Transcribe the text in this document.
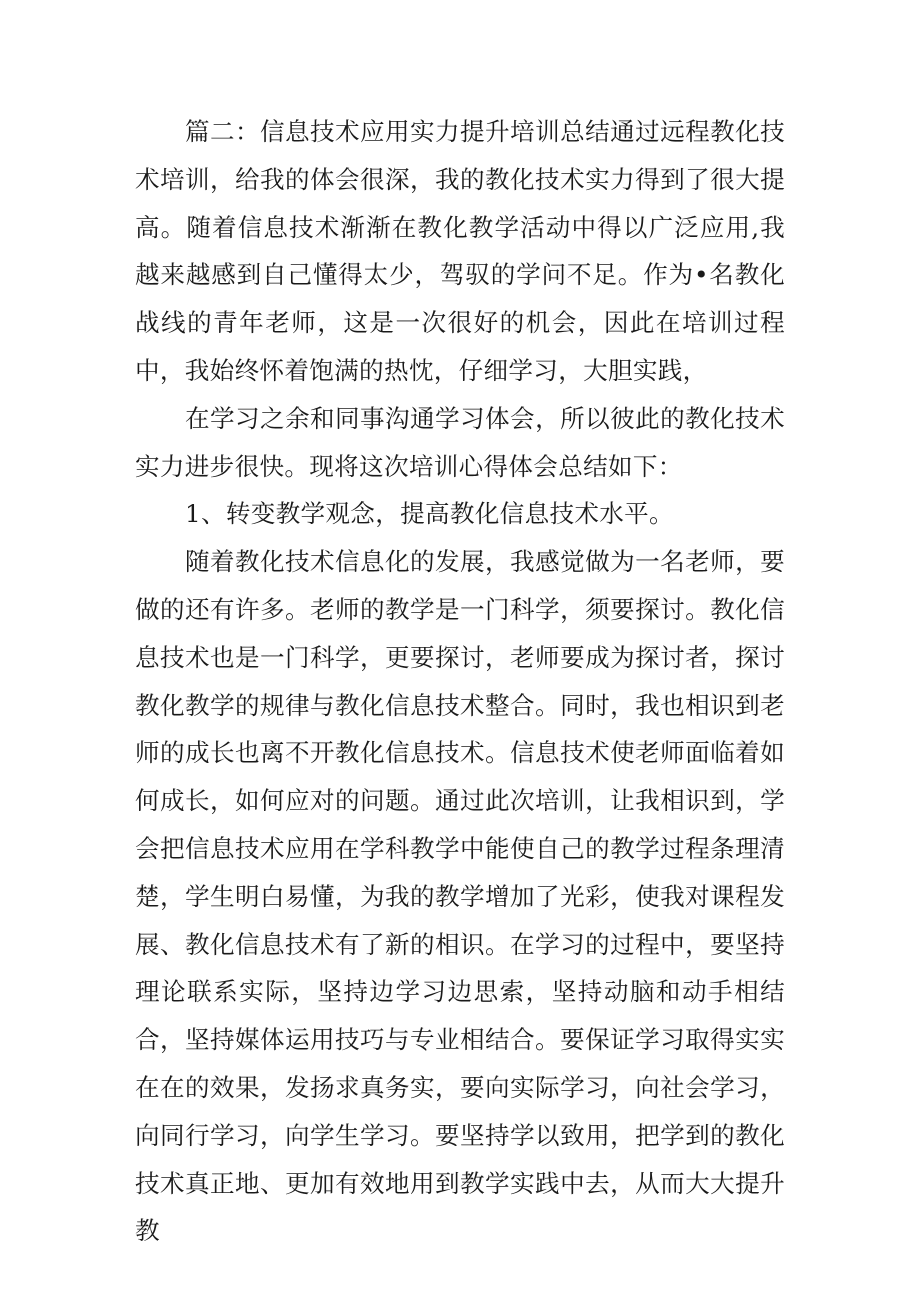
篇二：信息技术应用实力提升培训总结通过远程教化技术培训，给我的体会很深，我的教化技术实力得到了很大提高。随着信息技术渐渐在教化教学活动中得以广泛应用,我越来越感到自己懂得太少，驾驭的学问不足。作为•名教化战线的青年老师，这是一次很好的机会，因此在培训过程中，我始终怀着饱满的热忱，仔细学习，大胆实践，

在学习之余和同事沟通学习体会，所以彼此的教化技术实力进步很快。现将这次培训心得体会总结如下：

1、转变教学观念，提高教化信息技术水平。

随着教化技术信息化的发展，我感觉做为一名老师，要做的还有许多。老师的教学是一门科学，须要探讨。教化信息技术也是一门科学，更要探讨，老师要成为探讨者，探讨教化教学的规律与教化信息技术整合。同时，我也相识到老师的成长也离不开教化信息技术。信息技术使老师面临着如何成长，如何应对的问题。通过此次培训，让我相识到，学会把信息技术应用在学科教学中能使自己的教学过程条理清楚，学生明白易懂，为我的教学增加了光彩，使我对课程发展、教化信息技术有了新的相识。在学习的过程中，要坚持理论联系实际，坚持边学习边思索，坚持动脑和动手相结合，坚持媒体运用技巧与专业相结合。要保证学习取得实实在在的效果，发扬求真务实，要向实际学习，向社会学习，向同行学习，向学生学习。要坚持学以致用，把学到的教化技术真正地、更加有效地用到教学实践中去，从而大大提升教
